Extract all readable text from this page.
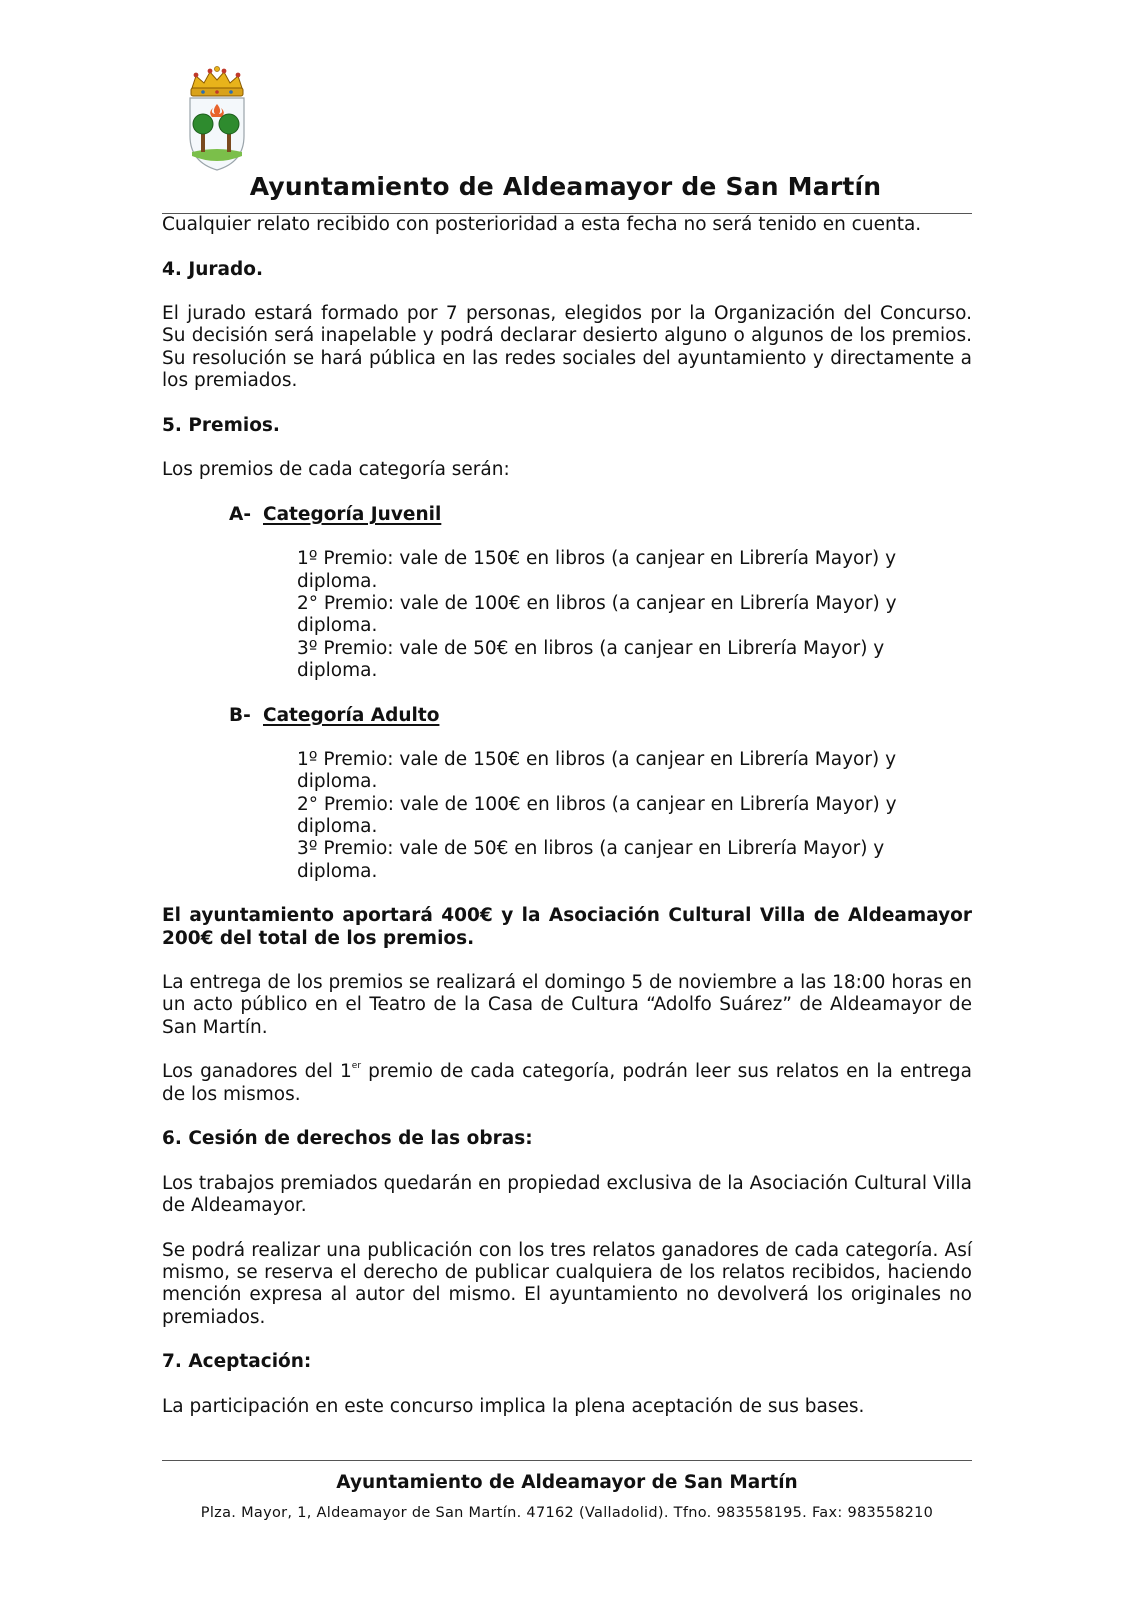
Ayuntamiento de Aldeamayor de San Martín

Cualquier relato recibido con posterioridad a esta fecha no será tenido en cuenta.

4. Jurado.

El jurado estará formado por 7 personas, elegidos por la Organización del Concurso. Su decisión será inapelable y podrá declarar desierto alguno o algunos de los premios. Su resolución se hará pública en las redes sociales del ayuntamiento y directamente a los premiados.

5. Premios.

Los premios de cada categoría serán:

A- Categoría Juvenil
1º Premio: vale de 150€ en libros (a canjear en Librería Mayor) y
diploma.
2° Premio: vale de 100€ en libros (a canjear en Librería Mayor) y
diploma.
3º Premio: vale de 50€ en libros (a canjear en Librería Mayor) y
diploma.
B- Categoría Adulto
1º Premio: vale de 150€ en libros (a canjear en Librería Mayor) y
diploma.
2° Premio: vale de 100€ en libros (a canjear en Librería Mayor) y
diploma.
3º Premio: vale de 50€ en libros (a canjear en Librería Mayor) y
diploma.

El ayuntamiento aportará 400€ y la Asociación Cultural Villa de Aldeamayor 200€ del total de los premios.

La entrega de los premios se realizará el domingo 5 de noviembre a las 18:00 horas en un acto público en el Teatro de la Casa de Cultura “Adolfo Suárez” de Aldeamayor de San Martín.

Los ganadores del 1er premio de cada categoría, podrán leer sus relatos en la entrega de los mismos.

6. Cesión de derechos de las obras:

Los trabajos premiados quedarán en propiedad exclusiva de la Asociación Cultural Villa de Aldeamayor.

Se podrá realizar una publicación con los tres relatos ganadores de cada categoría. Así mismo, se reserva el derecho de publicar cualquiera de los relatos recibidos, haciendo mención expresa al autor del mismo. El ayuntamiento no devolverá los originales no premiados.

7. Aceptación:

La participación en este concurso implica la plena aceptación de sus bases.

Ayuntamiento de Aldeamayor de San Martín
Plza. Mayor, 1, Aldeamayor de San Martín. 47162 (Valladolid). Tfno. 983558195. Fax: 983558210
